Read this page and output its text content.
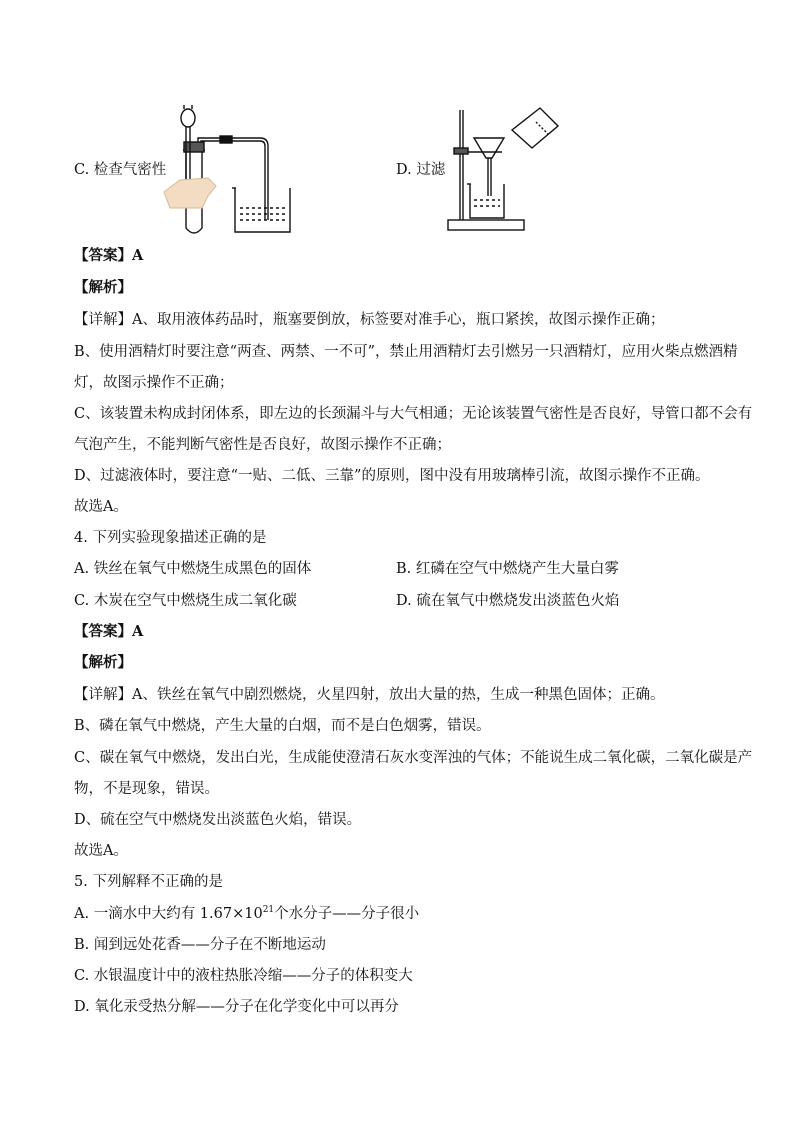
C. 检查气密性	D. 过滤
【答案】A
【解析】
【详解】A、取用液体药品时，瓶塞要倒放，标签要对准手心，瓶口紧挨，故图示操作正确；
B、使用酒精灯时要注意“两查、两禁、一不可”，禁止用酒精灯去引燃另一只酒精灯，应用火柴点燃酒精
灯，故图示操作不正确；
C、该装置未构成封闭体系，即左边的长颈漏斗与大气相通；无论该装置气密性是否良好，导管口都不会有
气泡产生，不能判断气密性是否良好，故图示操作不正确；
D、过滤液体时，要注意“一贴、二低、三靠”的原则，图中没有用玻璃棒引流，故图示操作不正确。
故选A。
4. 下列实验现象描述正确的是
A. 铁丝在氧气中燃烧生成黑色的固体	B. 红磷在空气中燃烧产生大量白雾
C. 木炭在空气中燃烧生成二氧化碳	D. 硫在氧气中燃烧发出淡蓝色火焰
【答案】A
【解析】
【详解】A、铁丝在氧气中剧烈燃烧，火星四射，放出大量的热，生成一种黑色固体；正确。
B、磷在氧气中燃烧，产生大量的白烟，而不是白色烟雾，错误。
C、碳在氧气中燃烧，发出白光，生成能使澄清石灰水变浑浊的气体；不能说生成二氧化碳，二氧化碳是产
物，不是现象，错误。
D、硫在空气中燃烧发出淡蓝色火焰，错误。
故选A。
5. 下列解释不正确的是
A. 一滴水中大约有 $1.67\times 10^{21}$个水分子——分子很小
B. 闻到远处花香——分子在不断地运动
C. 水银温度计中的液柱热胀冷缩——分子的体积变大
D. 氧化汞受热分解——分子在化学变化中可以再分
